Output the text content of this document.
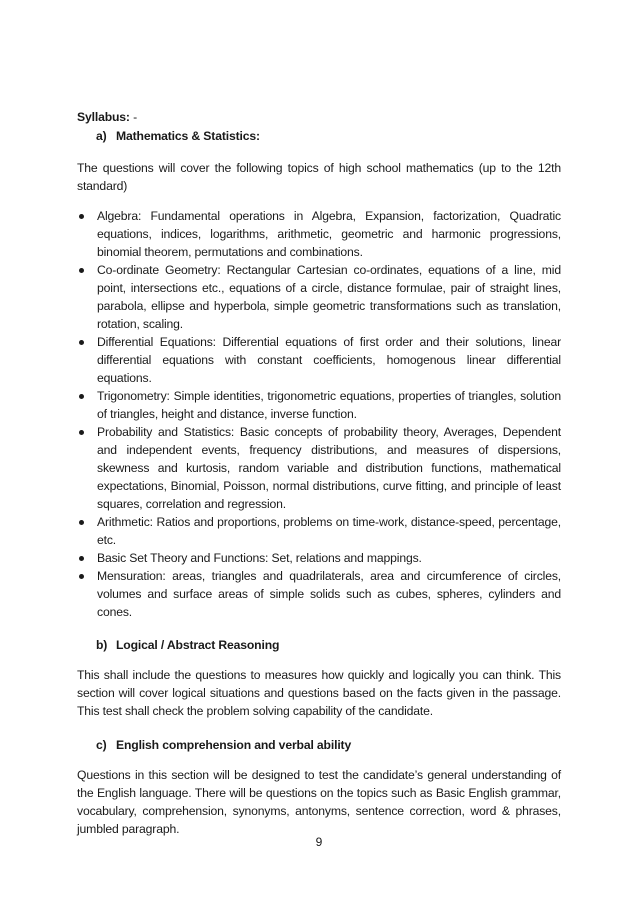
Syllabus: -

a) Mathematics & Statistics:

The questions will cover the following topics of high school mathematics (up to the 12th standard)

Algebra: Fundamental operations in Algebra, Expansion, factorization, Quadratic equations, indices, logarithms, arithmetic, geometric and harmonic progressions, binomial theorem, permutations and combinations.
Co-ordinate Geometry: Rectangular Cartesian co-ordinates, equations of a line, mid point, intersections etc., equations of a circle, distance formulae, pair of straight lines, parabola, ellipse and hyperbola, simple geometric transformations such as translation, rotation, scaling.
Differential Equations: Differential equations of first order and their solutions, linear differential equations with constant coefficients, homogenous linear differential equations.
Trigonometry: Simple identities, trigonometric equations, properties of triangles, solution of triangles, height and distance, inverse function.
Probability and Statistics: Basic concepts of probability theory, Averages, Dependent and independent events, frequency distributions, and measures of dispersions, skewness and kurtosis, random variable and distribution functions, mathematical expectations, Binomial, Poisson, normal distributions, curve fitting, and principle of least squares, correlation and regression.
Arithmetic: Ratios and proportions, problems on time-work, distance-speed, percentage, etc.
Basic Set Theory and Functions: Set, relations and mappings.
Mensuration: areas, triangles and quadrilaterals, area and circumference of circles, volumes and surface areas of simple solids such as cubes, spheres, cylinders and cones.
b) Logical / Abstract Reasoning

This shall include the questions to measures how quickly and logically you can think. This section will cover logical situations and questions based on the facts given in the passage. This test shall check the problem solving capability of the candidate.

c) English comprehension and verbal ability

Questions in this section will be designed to test the candidate’s general understanding of the English language. There will be questions on the topics such as Basic English grammar, vocabulary, comprehension, synonyms, antonyms, sentence correction, word & phrases, jumbled paragraph.

9
